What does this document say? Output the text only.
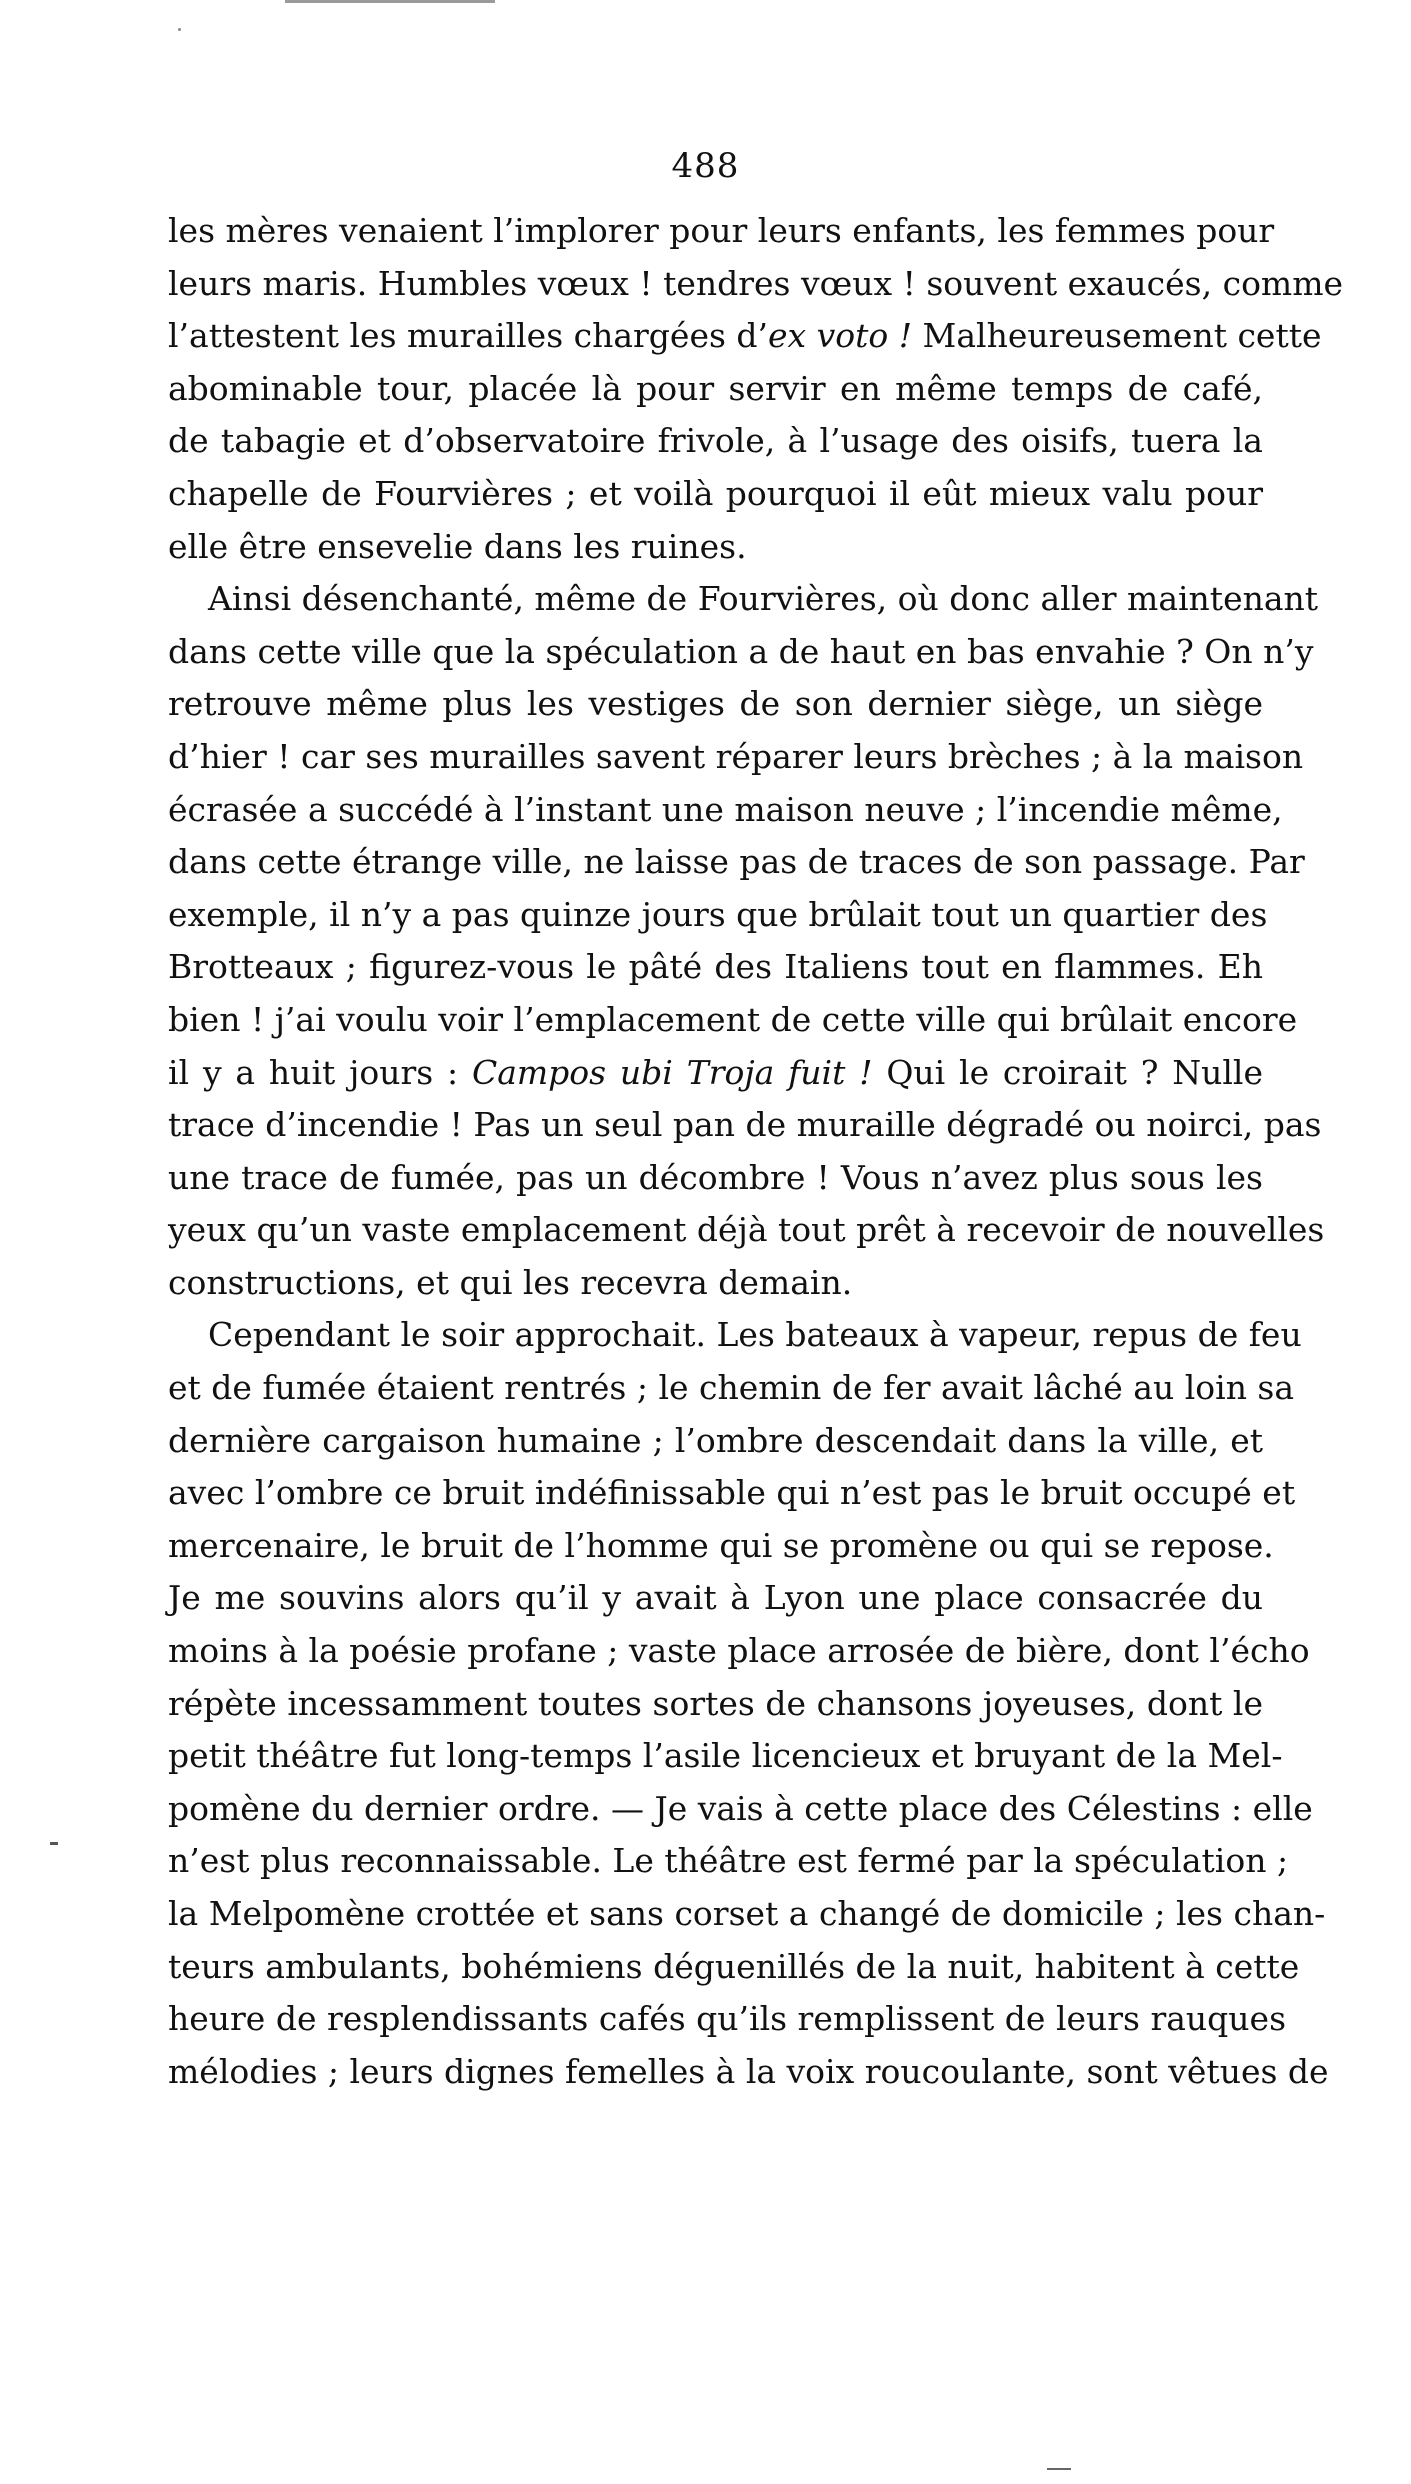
488
les mères venaient l’implorer pour leurs enfants, les femmes pour
leurs maris. Humbles vœux ! tendres vœux ! souvent exaucés, comme
l’attestent les murailles chargées d’ex voto ! Malheureusement cette
abominable tour, placée là pour servir en même temps de café,
de tabagie et d’observatoire frivole, à l’usage des oisifs, tuera la
chapelle de Fourvières ; et voilà pourquoi il eût mieux valu pour
elle être ensevelie dans les ruines.
Ainsi désenchanté, même de Fourvières, où donc aller maintenant
dans cette ville que la spéculation a de haut en bas envahie ? On n’y
retrouve même plus les vestiges de son dernier siège, un siège
d’hier ! car ses murailles savent réparer leurs brèches ; à la maison
écrasée a succédé à l’instant une maison neuve ; l’incendie même,
dans cette étrange ville, ne laisse pas de traces de son passage. Par
exemple, il n’y a pas quinze jours que brûlait tout un quartier des
Brotteaux ; figurez-vous le pâté des Italiens tout en flammes. Eh
bien ! j’ai voulu voir l’emplacement de cette ville qui brûlait encore
il y a huit jours : Campos ubi Troja fuit ! Qui le croirait ? Nulle
trace d’incendie ! Pas un seul pan de muraille dégradé ou noirci, pas
une trace de fumée, pas un décombre ! Vous n’avez plus sous les
yeux qu’un vaste emplacement déjà tout prêt à recevoir de nouvelles
constructions, et qui les recevra demain.
Cependant le soir approchait. Les bateaux à vapeur, repus de feu
et de fumée étaient rentrés ; le chemin de fer avait lâché au loin sa
dernière cargaison humaine ; l’ombre descendait dans la ville, et
avec l’ombre ce bruit indéfinissable qui n’est pas le bruit occupé et
mercenaire, le bruit de l’homme qui se promène ou qui se repose.
Je me souvins alors qu’il y avait à Lyon une place consacrée du
moins à la poésie profane ; vaste place arrosée de bière, dont l’écho
répète incessamment toutes sortes de chansons joyeuses, dont le
petit théâtre fut long-temps l’asile licencieux et bruyant de la Mel-
pomène du dernier ordre. — Je vais à cette place des Célestins : elle
n’est plus reconnaissable. Le théâtre est fermé par la spéculation ;
la Melpomène crottée et sans corset a changé de domicile ; les chan-
teurs ambulants, bohémiens déguenillés de la nuit, habitent à cette
heure de resplendissants cafés qu’ils remplissent de leurs rauques
mélodies ; leurs dignes femelles à la voix roucoulante, sont vêtues de
